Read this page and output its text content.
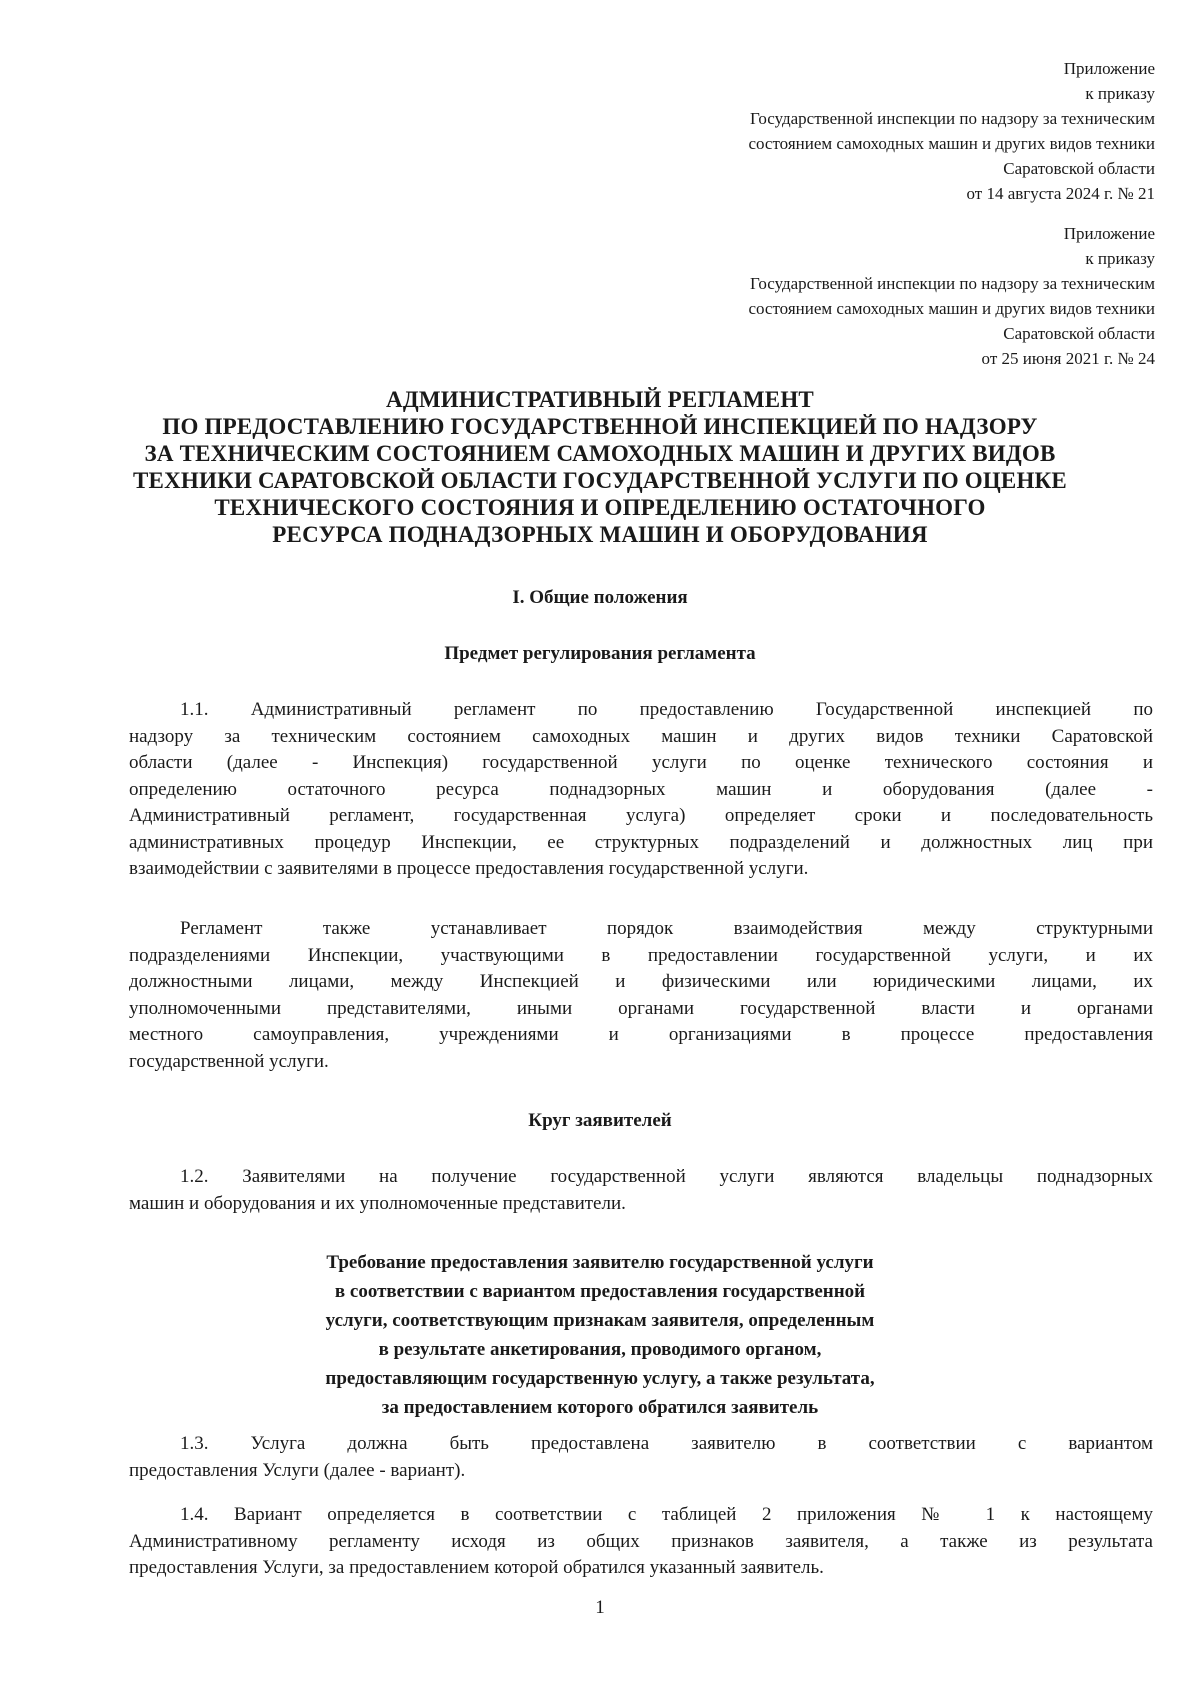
Приложение
к приказу
Государственной инспекции по надзору за техническим
состоянием самоходных машин и других видов техники
Саратовской области
от 14 августа 2024 г. № 21
Приложение
к приказу
Государственной инспекции по надзору за техническим
состоянием самоходных машин и других видов техники
Саратовской области
от 25 июня 2021 г. № 24
АДМИНИСТРАТИВНЫЙ РЕГЛАМЕНТ
ПО ПРЕДОСТАВЛЕНИЮ ГОСУДАРСТВЕННОЙ ИНСПЕКЦИЕЙ ПО НАДЗОРУ
ЗА ТЕХНИЧЕСКИМ СОСТОЯНИЕМ САМОХОДНЫХ МАШИН И ДРУГИХ ВИДОВ
ТЕХНИКИ САРАТОВСКОЙ ОБЛАСТИ ГОСУДАРСТВЕННОЙ УСЛУГИ ПО ОЦЕНКЕ
ТЕХНИЧЕСКОГО СОСТОЯНИЯ И ОПРЕДЕЛЕНИЮ ОСТАТОЧНОГО
РЕСУРСА ПОДНАДЗОРНЫХ МАШИН И ОБОРУДОВАНИЯ
I. Общие положения
Предмет регулирования регламента
1.1. Административный регламент по предоставлению Государственной инспекцией по
надзору за техническим состоянием самоходных машин и других видов техники Саратовской
области (далее - Инспекция) государственной услуги по оценке технического состояния и
определению остаточного ресурса поднадзорных машин и оборудования (далее -
Административный регламент, государственная услуга) определяет сроки и последовательность
административных процедур Инспекции, ее структурных подразделений и должностных лиц при
взаимодействии с заявителями в процессе предоставления государственной услуги.
Регламент также устанавливает порядок взаимодействия между структурными
подразделениями Инспекции, участвующими в предоставлении государственной услуги, и их
должностными лицами, между Инспекцией и физическими или юридическими лицами, их
уполномоченными представителями, иными органами государственной власти и органами
местного самоуправления, учреждениями и организациями в процессе предоставления
государственной услуги.
Круг заявителей
1.2. Заявителями на получение государственной услуги являются владельцы поднадзорных
машин и оборудования и их уполномоченные представители.
Требование предоставления заявителю государственной услуги
в соответствии с вариантом предоставления государственной
услуги, соответствующим признакам заявителя, определенным
в результате анкетирования, проводимого органом,
предоставляющим государственную услугу, а также результата,
за предоставлением которого обратился заявитель
1.3. Услуга должна быть предоставлена заявителю в соответствии с вариантом
предоставления Услуги (далее - вариант).
1.4. Вариант определяется в соответствии с таблицей 2 приложения № 1 к настоящему
Административному регламенту исходя из общих признаков заявителя, а также из результата
предоставления Услуги, за предоставлением которой обратился указанный заявитель.
1
